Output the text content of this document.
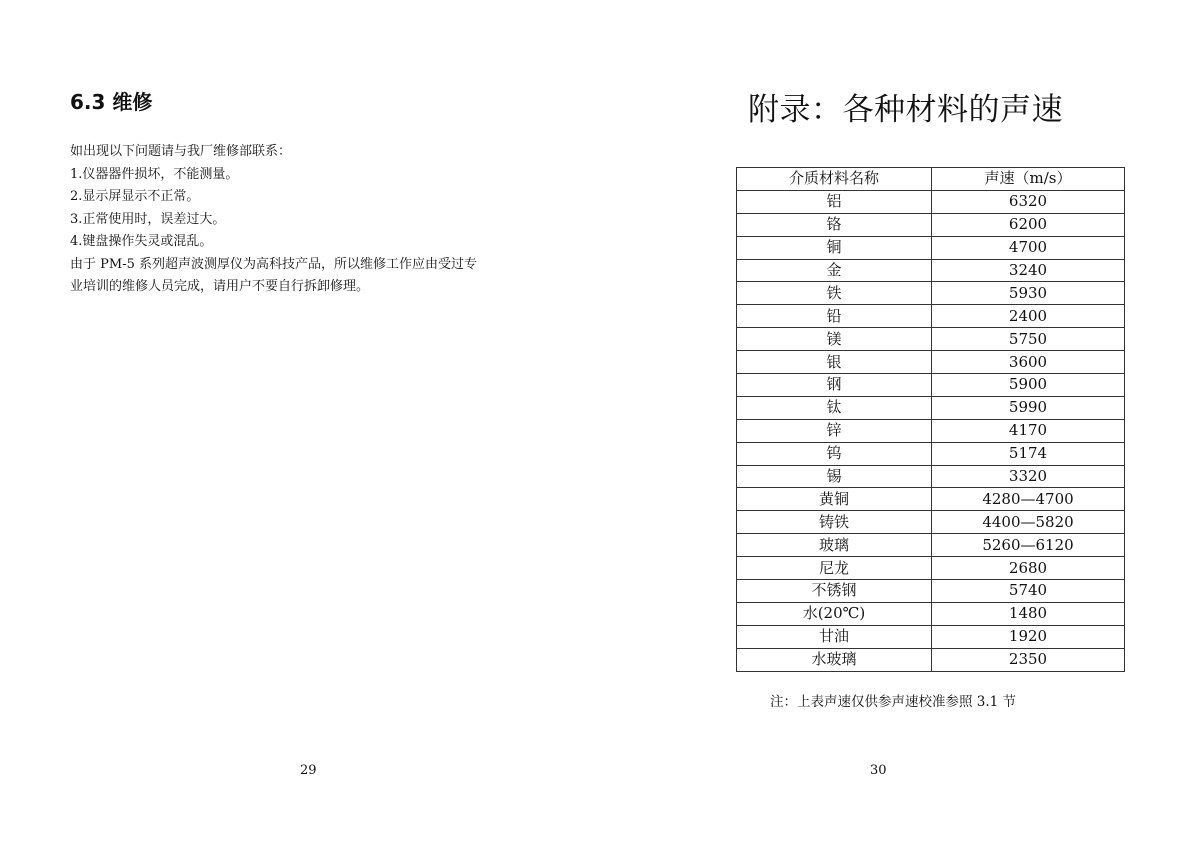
6.3 维修
如出现以下问题请与我厂维修部联系：
1.仪器器件损坏，不能测量。
2.显示屏显示不正常。
3.正常使用时，误差过大。
4.键盘操作失灵或混乱。
由于 PM-5 系列超声波测厚仪为高科技产品，所以维修工作应由受过专
业培训的维修人员完成，请用户不要自行拆卸修理。
29
附录：各种材料的声速
介质材料名称	声速（m/s）
铝	6320
铬	6200
铜	4700
金	3240
铁	5930
铅	2400
镁	5750
银	3600
钢	5900
钛	5990
锌	4170
钨	5174
锡	3320
黄铜	4280—4700
铸铁	4400—5820
玻璃	5260—6120
尼龙	2680
不锈钢	5740
水(20℃)	1480
甘油	1920
水玻璃	2350
注：上表声速仅供参声速校准参照 3.1 节
30
